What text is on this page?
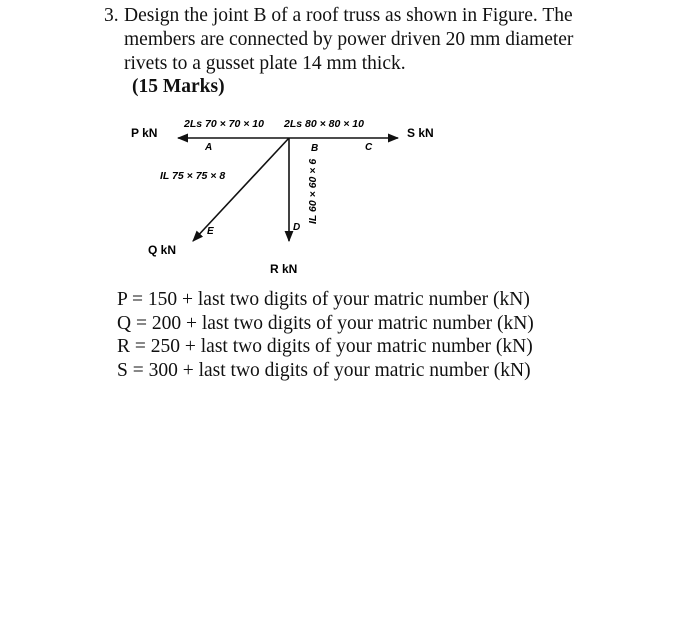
3. Design the joint B of a roof truss as shown in Figure. The
members are connected by power driven 20 mm diameter
rivets to a gusset plate 14 mm thick.
(15 Marks)
2Ls 70 × 70 × 10 2Ls 80 × 80 × 10
IL 75 × 75 × 8	IL 60 × 60 × 6
A	B	C
D
E
P kN	S kN
Q kN
R kN
P = 150 + last two digits of your matric number (kN)
Q = 200 + last two digits of your matric number (kN)
R = 250 + last two digits of your matric number (kN)
S = 300 + last two digits of your matric number (kN)
